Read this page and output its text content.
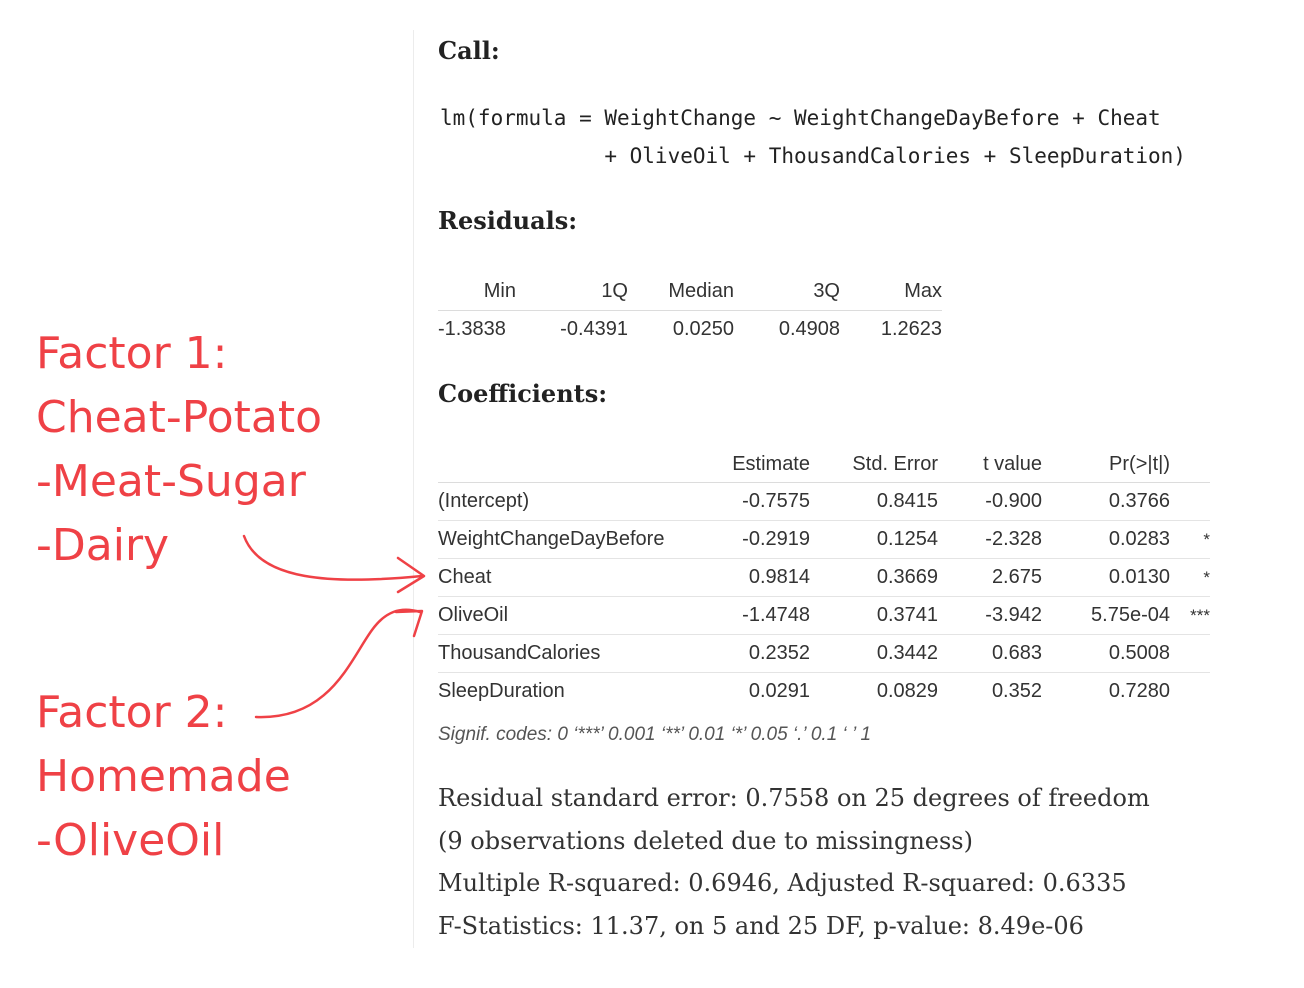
Factor 1:
Cheat-Potato
-Meat-Sugar
-Dairy
Factor 2:
Homemade
-OliveOil
Call:
lm(formula = WeightChange ~ WeightChangeDayBefore + Cheat
+ OliveOil + ThousandCalories + SleepDuration)
Residuals:
Min	1Q	Median	3Q	Max
-1.3838	-0.4391	0.0250	0.4908	1.2623
Coefficients:
	Estimate	Std. Error	t value	Pr(>|t|)	
(Intercept)	-0.7575	0.8415	-0.900	0.3766	
WeightChangeDayBefore	-0.2919	0.1254	-2.328	0.0283	*
Cheat	0.9814	0.3669	2.675	0.0130	*
OliveOil	-1.4748	0.3741	-3.942	5.75e-04	***
ThousandCalories	0.2352	0.3442	0.683	0.5008	
SleepDuration	0.0291	0.0829	0.352	0.7280	
Signif. codes: 0 ‘***’ 0.001 ‘**’ 0.01 ‘*’ 0.05 ‘.’ 0.1 ‘ ’ 1
Residual standard error: 0.7558 on 25 degrees of freedom
(9 observations deleted due to missingness)
Multiple R-squared: 0.6946, Adjusted R-squared: 0.6335
F-Statistics: 11.37, on 5 and 25 DF, p-value: 8.49e-06
